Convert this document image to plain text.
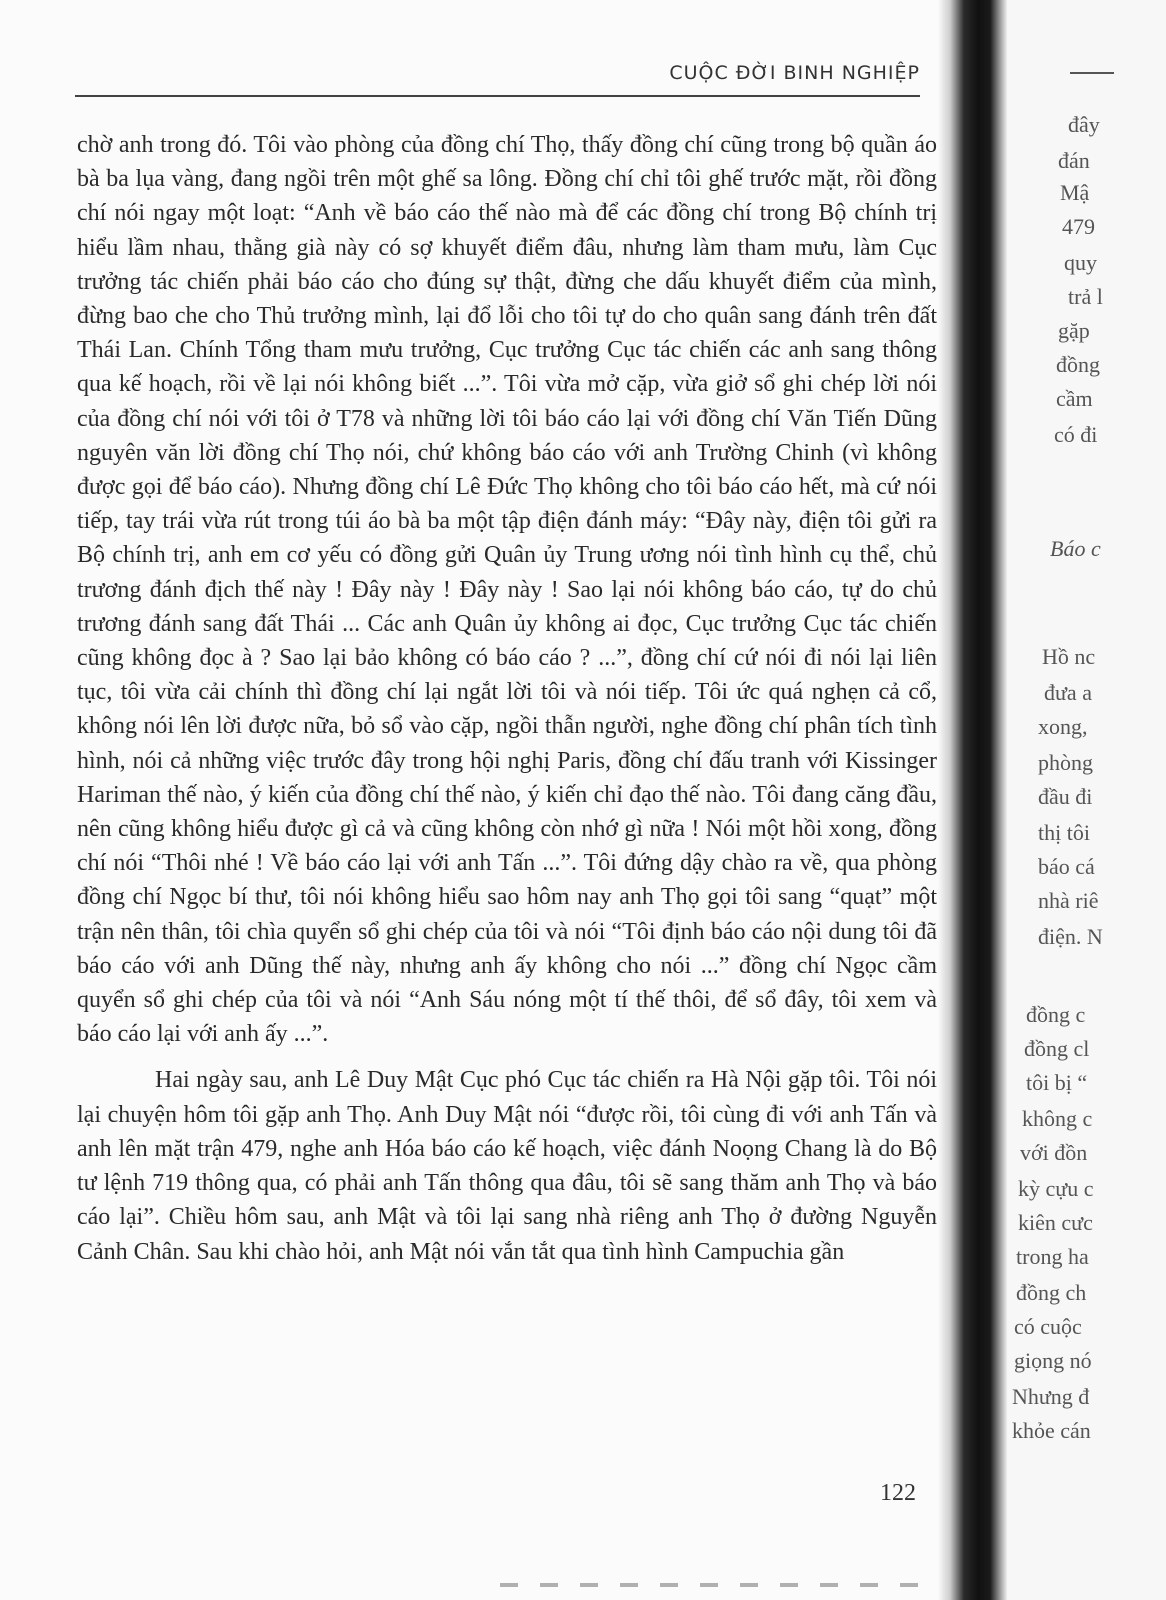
CUỘC ĐỜI BINH NGHIỆP

chờ anh trong đó. Tôi vào phòng của đồng chí Thọ, thấy đồng chí cũng trong bộ quần áo bà ba lụa vàng, đang ngồi trên một ghế sa lông. Đồng chí chỉ tôi ghế trước mặt, rồi đồng chí nói ngay một loạt: “Anh về báo cáo thế nào mà để các đồng chí trong Bộ chính trị hiểu lầm nhau, thằng già này có sợ khuyết điểm đâu, nhưng làm tham mưu, làm Cục trưởng tác chiến phải báo cáo cho đúng sự thật, đừng che dấu khuyết điểm của mình, đừng bao che cho Thủ trưởng mình, lại đổ lỗi cho tôi tự do cho quân sang đánh trên đất Thái Lan. Chính Tổng tham mưu trưởng, Cục trưởng Cục tác chiến các anh sang thông qua kế hoạch, rồi về lại nói không biết ...”. Tôi vừa mở cặp, vừa giở sổ ghi chép lời nói của đồng chí nói với tôi ở T78 và những lời tôi báo cáo lại với đồng chí Văn Tiến Dũng nguyên văn lời đồng chí Thọ nói, chứ không báo cáo với anh Trường Chinh (vì không được gọi để báo cáo). Nhưng đồng chí Lê Đức Thọ không cho tôi báo cáo hết, mà cứ nói tiếp, tay trái vừa rút trong túi áo bà ba một tập điện đánh máy: “Đây này, điện tôi gửi ra Bộ chính trị, anh em cơ yếu có đồng gửi Quân ủy Trung ương nói tình hình cụ thể, chủ trương đánh địch thế này ! Đây này ! Đây này ! Sao lại nói không báo cáo, tự do chủ trương đánh sang đất Thái ... Các anh Quân ủy không ai đọc, Cục trưởng Cục tác chiến cũng không đọc à ? Sao lại bảo không có báo cáo ? ...”, đồng chí cứ nói đi nói lại liên tục, tôi vừa cải chính thì đồng chí lại ngắt lời tôi và nói tiếp. Tôi ức quá nghẹn cả cổ, không nói lên lời được nữa, bỏ sổ vào cặp, ngồi thẫn người, nghe đồng chí phân tích tình hình, nói cả những việc trước đây trong hội nghị Paris, đồng chí đấu tranh với Kissinger Hariman thế nào, ý kiến của đồng chí thế nào, ý kiến chỉ đạo thế nào. Tôi đang căng đầu, nên cũng không hiểu được gì cả và cũng không còn nhớ gì nữa ! Nói một hồi xong, đồng chí nói “Thôi nhé ! Về báo cáo lại với anh Tấn ...”. Tôi đứng dậy chào ra về, qua phòng đồng chí Ngọc bí thư, tôi nói không hiểu sao hôm nay anh Thọ gọi tôi sang “quạt” một trận nên thân, tôi chìa quyển sổ ghi chép của tôi và nói “Tôi định báo cáo nội dung tôi đã báo cáo với anh Dũng thế này, nhưng anh ấy không cho nói ...” đồng chí Ngọc cầm quyển sổ ghi chép của tôi và nói “Anh Sáu nóng một tí thế thôi, để sổ đây, tôi xem và báo cáo lại với anh ấy ...”.

Hai ngày sau, anh Lê Duy Mật Cục phó Cục tác chiến ra Hà Nội gặp tôi. Tôi nói lại chuyện hôm tôi gặp anh Thọ. Anh Duy Mật nói “được rồi, tôi cùng đi với anh Tấn và anh lên mặt trận 479, nghe anh Hóa báo cáo kế hoạch, việc đánh Noọng Chang là do Bộ tư lệnh 719 thông qua, có phải anh Tấn thông qua đâu, tôi sẽ sang thăm anh Thọ và báo cáo lại”. Chiều hôm sau, anh Mật và tôi lại sang nhà riêng anh Thọ ở đường Nguyễn Cảnh Chân. Sau khi chào hỏi, anh Mật nói vắn tắt qua tình hình Campuchia gần

122
đây
đán
Mậ
479
quy
trả l
gặp
đồng
cầm
có đi
Báo c
Hồ nc
đưa a
xong,
phòng
đầu đi
thị tôi
báo cá
nhà riê
điện. N
đồng c
đồng cl
tôi bị “
không c
với đồn
kỳ cựu c
kiên cưc
trong ha
đồng ch
có cuộc
giọng nó
Nhưng đ
khỏe cán
